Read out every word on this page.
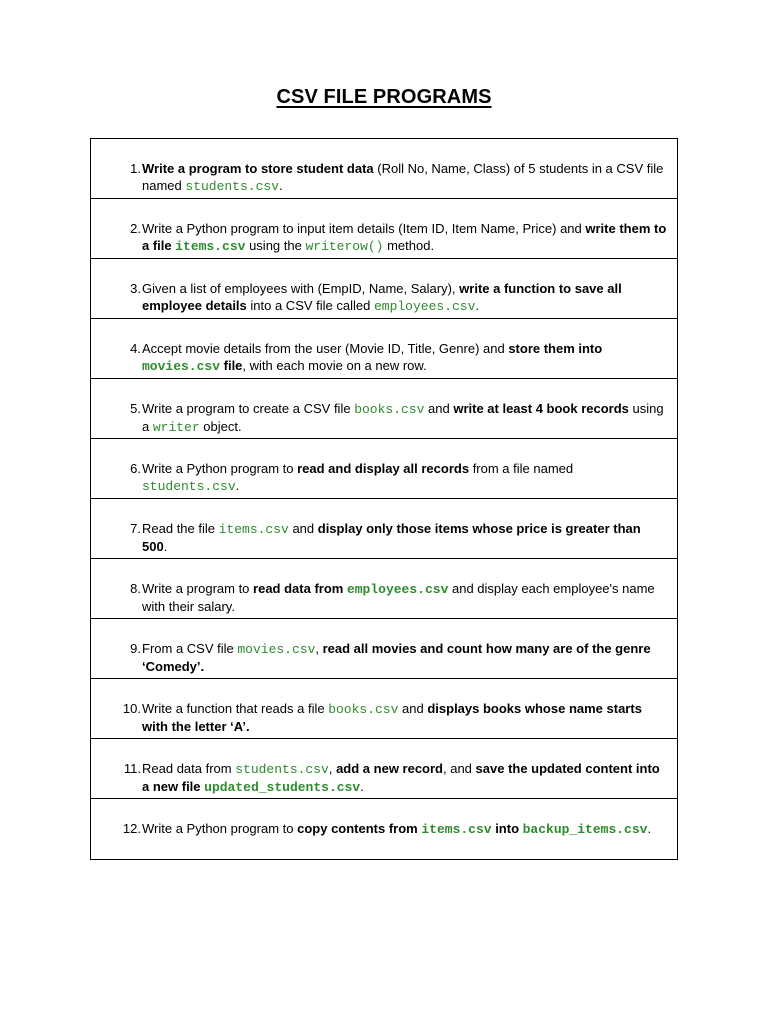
CSV FILE PROGRAMS
1. Write a program to store student data (Roll No, Name, Class) of 5 students in a CSV file named students.csv.
2. Write a Python program to input item details (Item ID, Item Name, Price) and write them to a file items.csv using the writerow() method.
3. Given a list of employees with (EmpID, Name, Salary), write a function to save all employee details into a CSV file called employees.csv.
4. Accept movie details from the user (Movie ID, Title, Genre) and store them into movies.csv file, with each movie on a new row.
5. Write a program to create a CSV file books.csv and write at least 4 book records using a writer object.
6. Write a Python program to read and display all records from a file named students.csv.
7. Read the file items.csv and display only those items whose price is greater than 500.
8. Write a program to read data from employees.csv and display each employee's name with their salary.
9. From a CSV file movies.csv, read all movies and count how many are of the genre ‘Comedy’.
10. Write a function that reads a file books.csv and displays books whose name starts with the letter ‘A’.
11. Read data from students.csv, add a new record, and save the updated content into a new file updated_students.csv.
12. Write a Python program to copy contents from items.csv into backup_items.csv.
